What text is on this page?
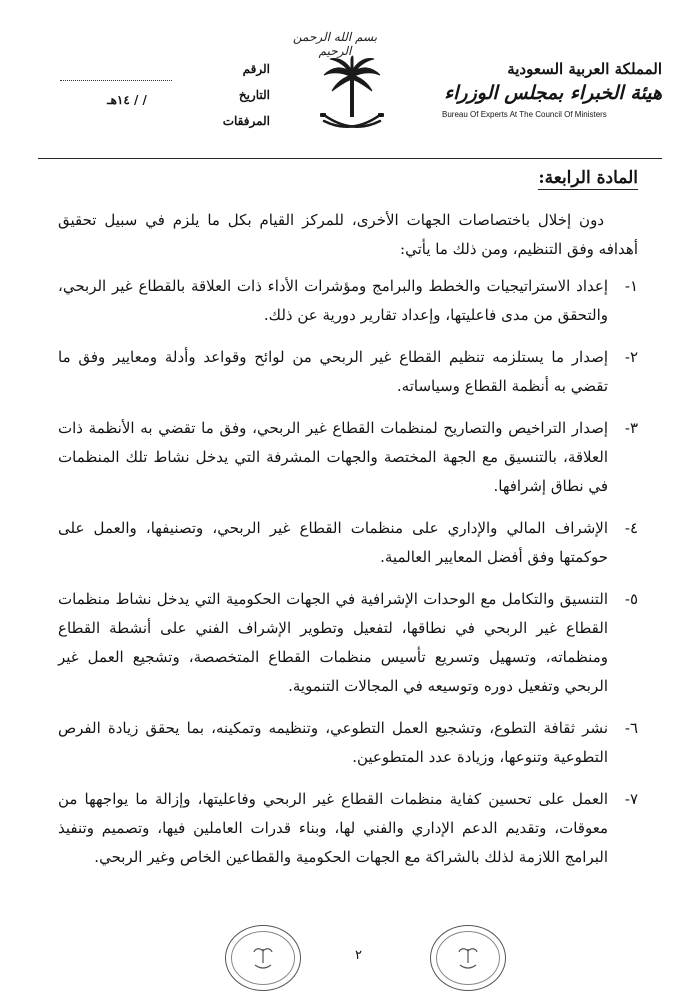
بسم الله الرحمن الرحيم
الرقم
التاريخ
المرفقات
/ / ١٤هـ
المملكة العربية السعودية
هيئة الخبراء بمجلس الوزراء
Bureau Of Experts At The Council Of Ministers
المادة الرابعة:

دون إخلال باختصاصات الجهات الأخرى، للمركز القيام بكل ما يلزم في سبيل تحقيق أهدافه وفق التنظيم، ومن ذلك ما يأتي:

١-
إعداد الاستراتيجيات والخطط والبرامج ومؤشرات الأداء ذات العلاقة بالقطاع غير الربحي، والتحقق من مدى فاعليتها، وإعداد تقارير دورية عن ذلك.
٢-
إصدار ما يستلزمه تنظيم القطاع غير الربحي من لوائح وقواعد وأدلة ومعايير وفق ما تقضي به أنظمة القطاع وسياساته.
٣-
إصدار التراخيص والتصاريح لمنظمات القطاع غير الربحي، وفق ما تقضي به الأنظمة ذات العلاقة، بالتنسيق مع الجهة المختصة والجهات المشرفة التي يدخل نشاط تلك المنظمات في نطاق إشرافها.
٤-
الإشراف المالي والإداري على منظمات القطاع غير الربحي، وتصنيفها، والعمل على حوكمتها وفق أفضل المعايير العالمية.
٥-
التنسيق والتكامل مع الوحدات الإشرافية في الجهات الحكومية التي يدخل نشاط منظمات القطاع غير الربحي في نطاقها، لتفعيل وتطوير الإشراف الفني على أنشطة القطاع ومنظماته، وتسهيل وتسريع تأسيس منظمات القطاع المتخصصة، وتشجيع العمل غير الربحي وتفعيل دوره وتوسيعه في المجالات التنموية.
٦-
نشر ثقافة التطوع، وتشجيع العمل التطوعي، وتنظيمه وتمكينه، بما يحقق زيادة الفرص التطوعية وتنوعها، وزيادة عدد المتطوعين.
٧-
العمل على تحسين كفاية منظمات القطاع غير الربحي وفاعليتها، وإزالة ما يواجهها من معوقات، وتقديم الدعم الإداري والفني لها، وبناء قدرات العاملين فيها، وتصميم وتنفيذ البرامج اللازمة لذلك بالشراكة مع الجهات الحكومية والقطاعين الخاص وغير الربحي.
٢
